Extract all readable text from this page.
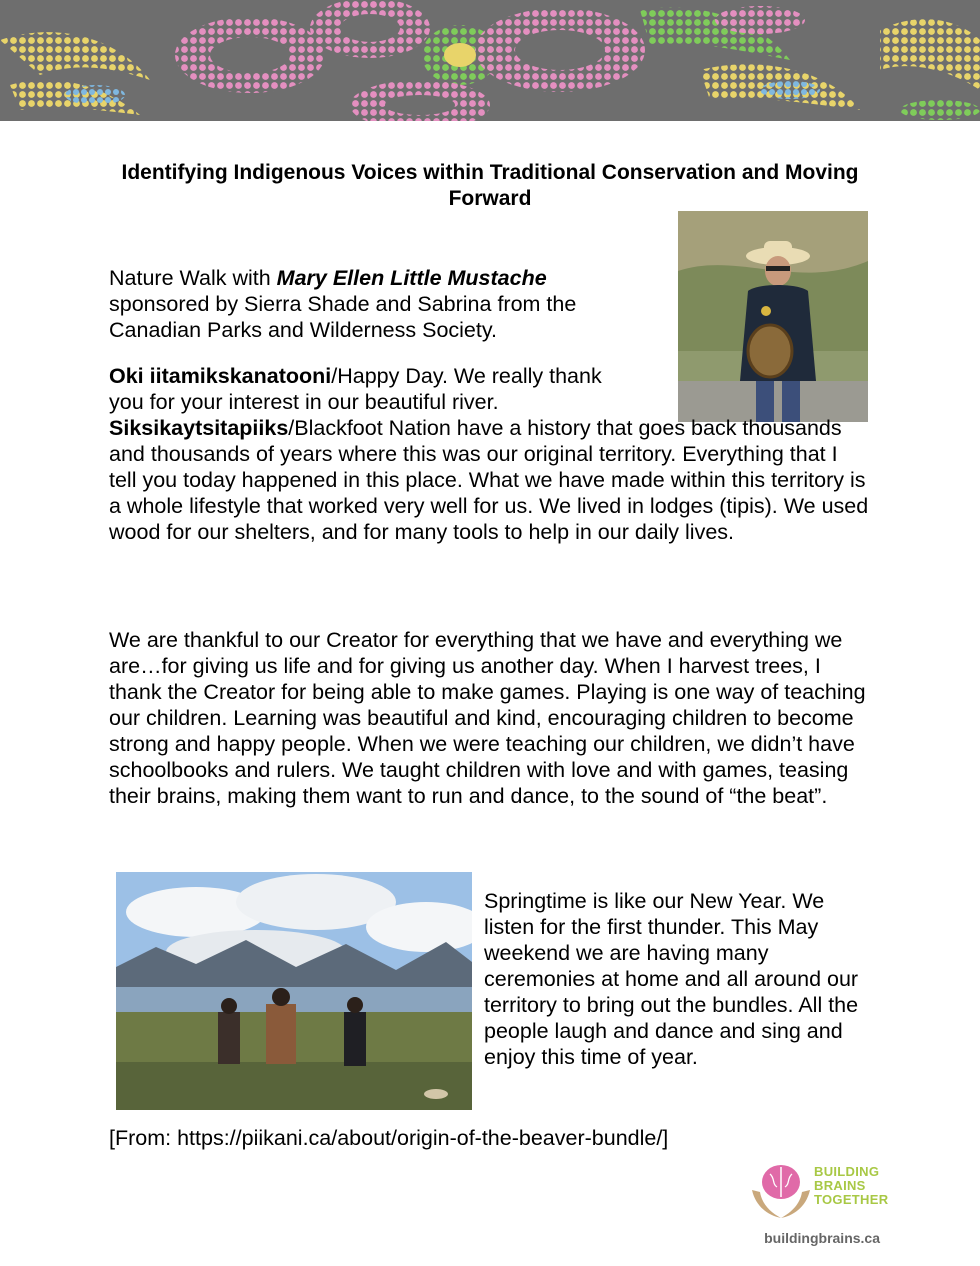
Identifying Indigenous Voices within Traditional Conservation and Moving Forward
Nature Walk with Mary Ellen Little Mustache sponsored by Sierra Shade and Sabrina from the Canadian Parks and Wilderness Society.
Oki iitamikskanatooni/Happy Day. We really thank you for your interest in our beautiful river. Siksikaytsitapiiks/Blackfoot Nation have a history that goes back thousands and thousands of years where this was our original territory. Everything that I tell you today happened in this place. What we have made within this territory is a whole lifestyle that worked very well for us. We lived in lodges (tipis). We used wood for our shelters, and for many tools to help in our daily lives.
We are thankful to our Creator for everything that we have and everything we are…for giving us life and for giving us another day. When I harvest trees, I thank the Creator for being able to make games. Playing is one way of teaching our children. Learning was beautiful and kind, encouraging children to become strong and happy people. When we were teaching our children, we didn’t have schoolbooks and rulers. We taught children with love and with games, teasing their brains, making them want to run and dance, to the sound of “the beat”.
Springtime is like our New Year. We listen for the first thunder. This May weekend we are having many ceremonies at home and all around our territory to bring out the bundles. All the people laugh and dance and sing and enjoy this time of year.
[From: https://piikani.ca/about/origin-of-the-beaver-bundle/]
BUILDING
BRAINS
TOGETHER
buildingbrains.ca
